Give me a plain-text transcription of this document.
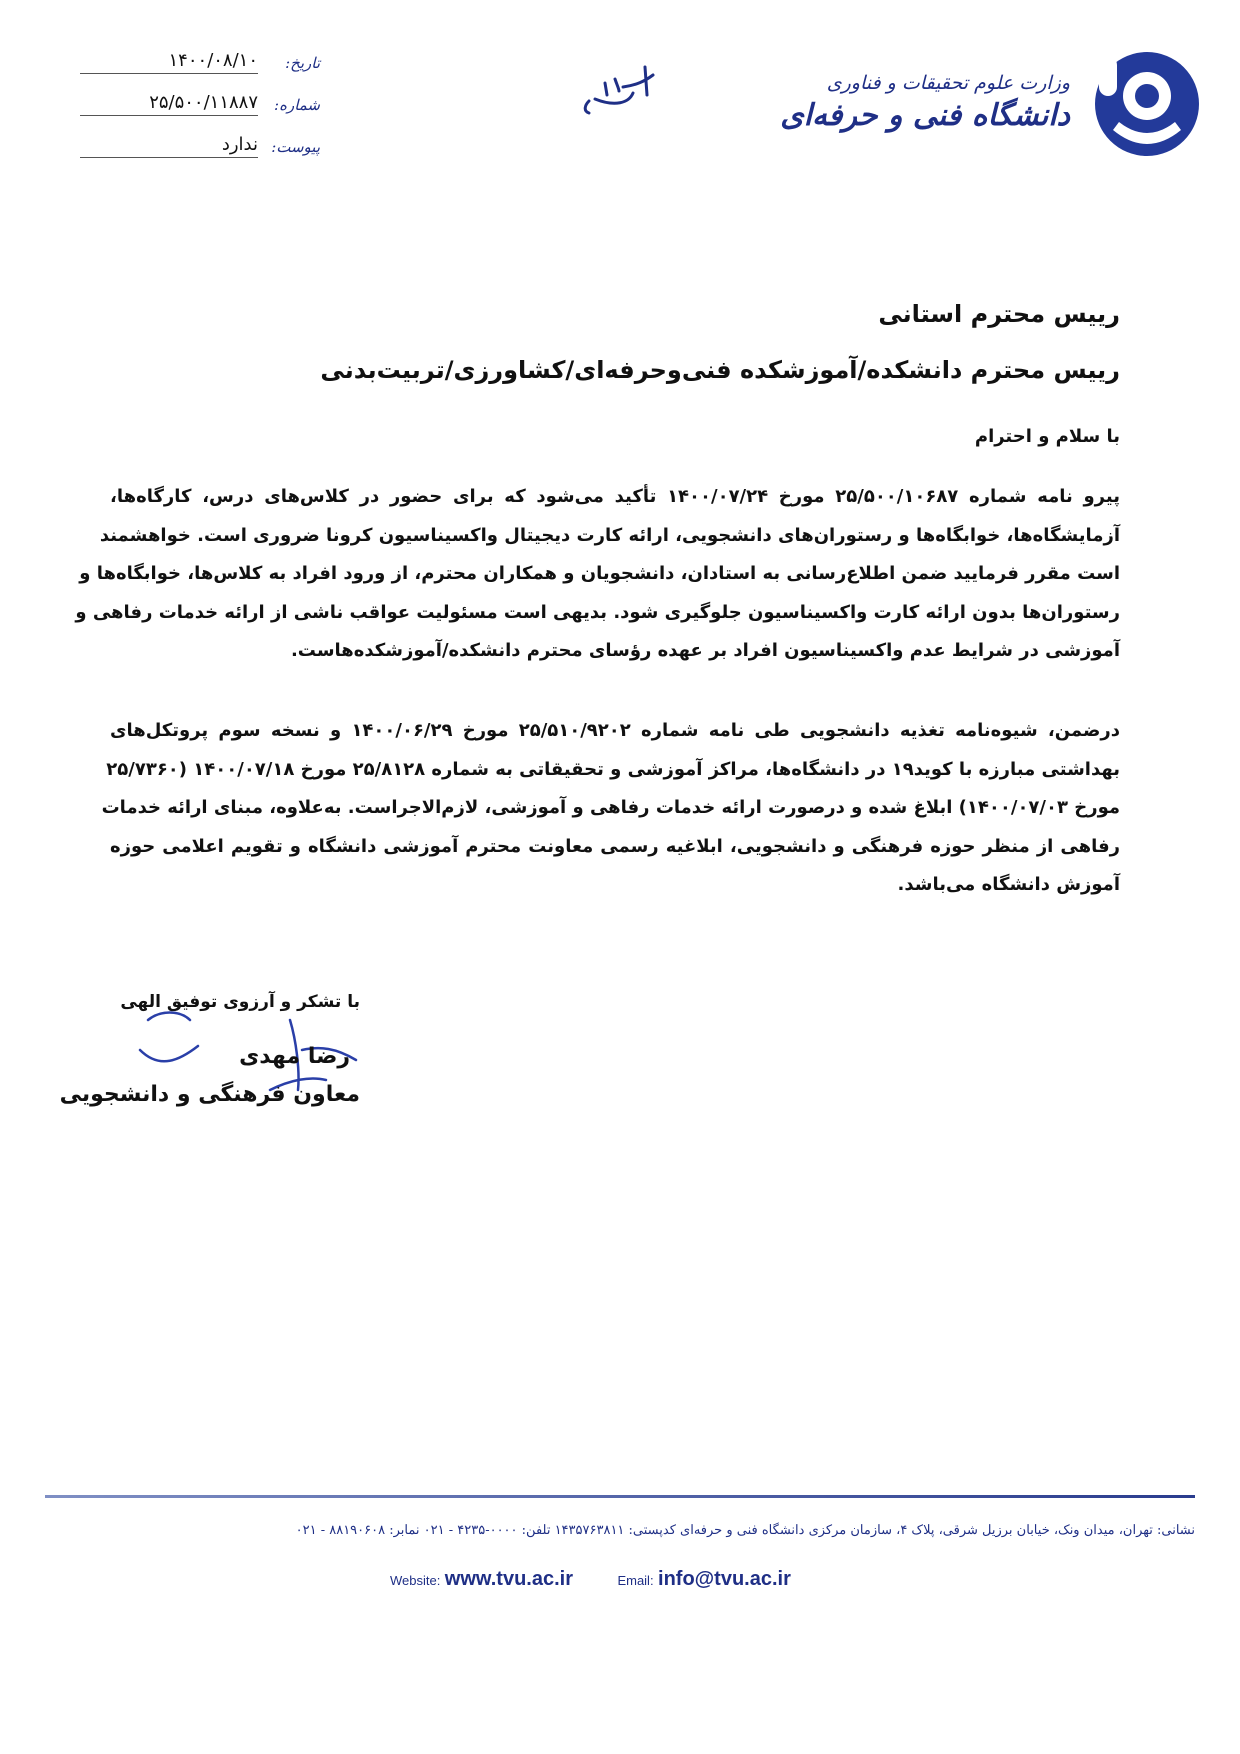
وزارت علوم تحقیقات و فناوری
دانشگاه فنی و حرفه‌ای
تاریخ:
۱۴۰۰/۰۸/۱۰
شماره:
۲۵/۵۰۰/۱۱۸۸۷
پیوست:
ندارد
رییس محترم استانی
رییس محترم دانشکده/آموزشکده فنی‌وحرفه‌ای/کشاورزی/تربیت‌بدنی
با سلام و احترام
پیرو نامه شماره ۲۵/۵۰۰/۱۰۶۸۷ مورخ ۱۴۰۰/۰۷/۲۴ تأکید می‌شود که برای حضور در کلاس‌های درس، کارگاه‌ها،
آزمایشگاه‌ها، خوابگاه‌ها و رستوران‌های دانشجویی، ارائه کارت دیجیتال واکسیناسیون کرونا ضروری است. خواهشمند
است مقرر فرمایید ضمن اطلاع‌رسانی به استادان، دانشجویان و همکاران محترم، از ورود افراد به کلاس‌ها، خوابگاه‌ها و
رستوران‌ها بدون ارائه کارت واکسیناسیون جلوگیری شود. بدیهی است مسئولیت عواقب ناشی از ارائه خدمات رفاهی و
آموزشی در شرایط عدم واکسیناسیون افراد بر عهده رؤسای محترم دانشکده/آموزشکده‌هاست.
درضمن، شیوه‌نامه تغذیه دانشجویی طی نامه شماره ۲۵/۵۱۰/۹۲۰۲ مورخ ۱۴۰۰/۰۶/۲۹ و نسخه سوم پروتکل‌های
بهداشتی مبارزه با کوید۱۹ در دانشگاه‌ها، مراکز آموزشی و تحقیقاتی به شماره ۲۵/۸۱۲۸ مورخ ۱۴۰۰/۰۷/۱۸ (۲۵/۷۳۶۰
مورخ ۱۴۰۰/۰۷/۰۳) ابلاغ شده و درصورت ارائه خدمات رفاهی و آموزشی، لازم‌الاجراست. به‌علاوه، مبنای ارائه خدمات
رفاهی از منظر حوزه فرهنگی و دانشجویی، ابلاغیه رسمی معاونت محترم آموزشی دانشگاه و تقویم اعلامی حوزه
آموزش دانشگاه می‌باشد.
با تشکر و آرزوی توفیق الهی
رضا مهدی
معاون فرهنگی و دانشجویی
نشانی: تهران، میدان ونک، خیابان برزیل شرقی، پلاک ۴، سازمان مرکزی دانشگاه فنی و حرفه‌ای کدپستی: ۱۴۳۵۷۶۳۸۱۱ تلفن: ۰۰۰۰-۴۲۳۵ - ۰۲۱ نمابر: ۸۸۱۹۰۶۰۸ - ۰۲۱
Website: www.tvu.ac.ir	Email: info@tvu.ac.ir
